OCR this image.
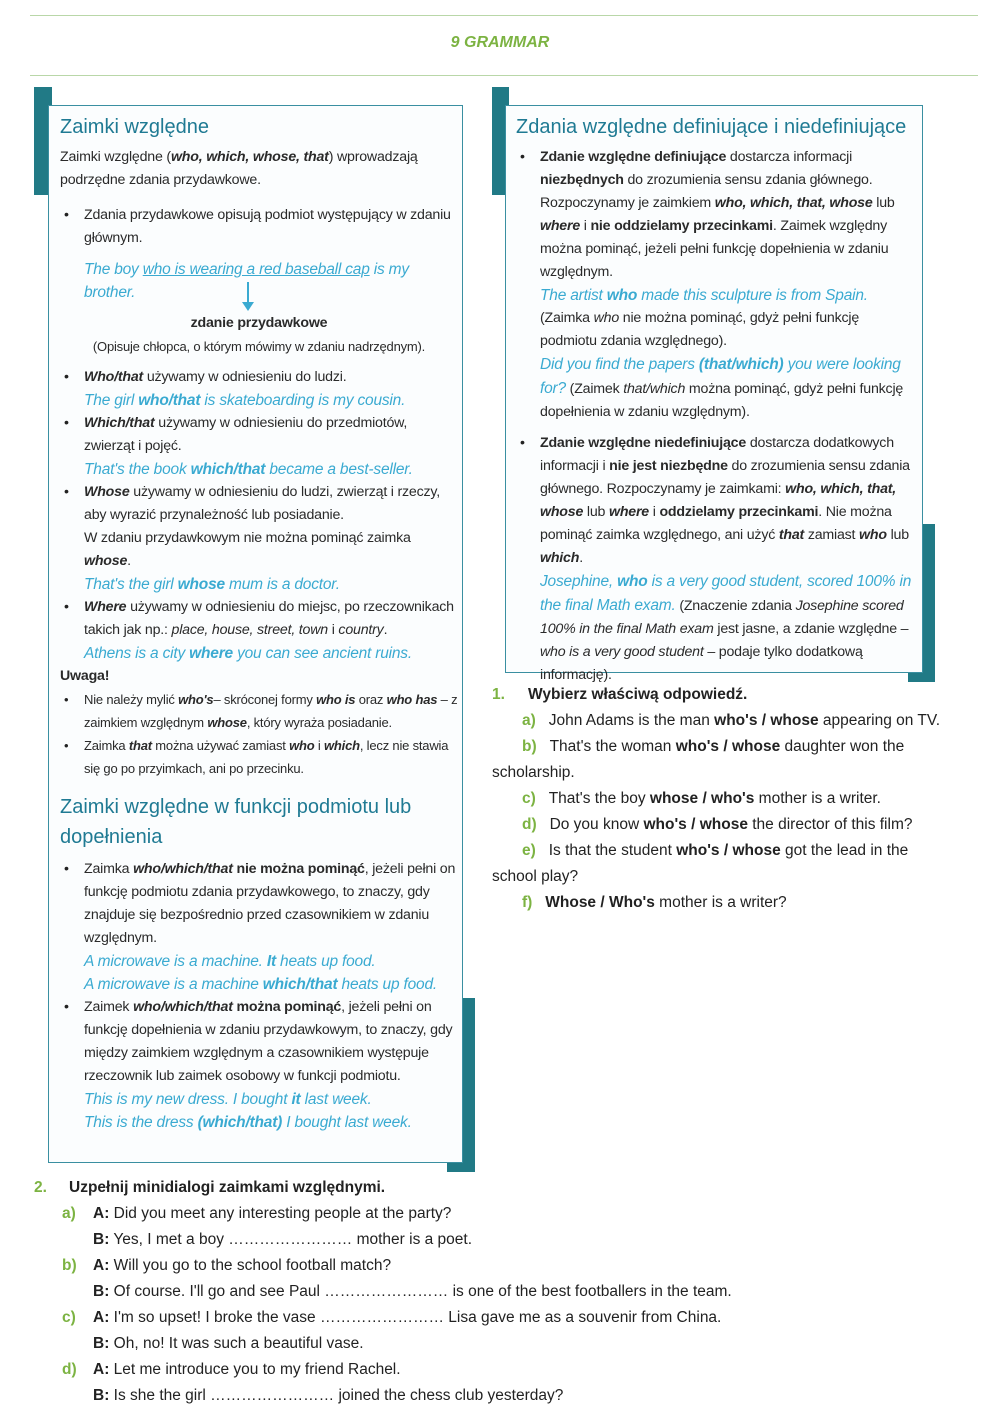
9 GRAMMAR
Zaimki względne
Zaimki względne (who, which, whose, that) wprowadzają podrzędne zdania przydawkowe.
• Zdania przydawkowe opisują podmiot występujący w zdaniu głównym.
The boy who is wearing a red baseball cap is my brother.
zdanie przydawkowe
(Opisuje chłopca, o którym mówimy w zdaniu nadrzędnym).
• Who/that używamy w odniesieniu do ludzi.
The girl who/that is skateboarding is my cousin.
• Which/that używamy w odniesieniu do przedmiotów, zwierząt i pojęć.
That's the book which/that became a best-seller.
• Whose używamy w odniesieniu do ludzi, zwierząt i rzeczy, aby wyrazić przynależność lub posiadanie.
W zdaniu przydawkowym nie można pominąć zaimka whose.
That's the girl whose mum is a doctor.
• Where używamy w odniesieniu do miejsc, po rzeczownikach takich jak np.: place, house, street, town i country.
Athens is a city where you can see ancient ruins.
Uwaga!
• Nie należy mylić who's– skróconej formy who is oraz who has – z zaimkiem względnym whose, który wyraża posiadanie.
• Zaimka that można używać zamiast who i which, lecz nie stawia się go po przyimkach, ani po przecinku.
Zaimki względne w funkcji podmiotu lub dopełnienia
• Zaimka who/which/that nie można pominąć, jeżeli pełni on funkcję podmiotu zdania przydawkowego, to znaczy, gdy znajduje się bezpośrednio przed czasownikiem w zdaniu względnym.
A microwave is a machine. It heats up food.
A microwave is a machine which/that heats up food.
• Zaimek who/which/that można pominąć, jeżeli pełni on funkcję dopełnienia w zdaniu przydawkowym, to znaczy, gdy między zaimkiem względnym a czasownikiem występuje rzeczownik lub zaimek osobowy w funkcji podmiotu.
This is my new dress. I bought it last week.
This is the dress (which/that) I bought last week.
Zdania względne definiujące i niedefiniujące
• Zdanie względne definiujące dostarcza informacji niezbędnych do zrozumienia sensu zdania głównego. Rozpoczynamy je zaimkiem who, which, that, whose lub where i nie oddzielamy przecinkami. Zaimek względny można pominąć, jeżeli pełni funkcję dopełnienia w zdaniu względnym.
The artist who made this sculpture is from Spain.
(Zaimka who nie można pominąć, gdyż pełni funkcję podmiotu zdania względnego).
Did you find the papers (that/which) you were looking for? (Zaimek that/which można pominąć, gdyż pełni funkcję dopełnienia w zdaniu względnym).
• Zdanie względne niedefiniujące dostarcza dodatkowych informacji i nie jest niezbędne do zrozumienia sensu zdania głównego. Rozpoczynamy je zaimkami: who, which, that, whose lub where i oddzielamy przecinkami. Nie można pominąć zaimka względnego, ani użyć that zamiast who lub which.
Josephine, who is a very good student, scored 100% in the final Math exam. (Znaczenie zdania Josephine scored 100% in the final Math exam jest jasne, a zdanie względne – who is a very good student – podaje tylko dodatkową informację).
1. Wybierz właściwą odpowiedź.
a) John Adams is the man who's / whose appearing on TV.
b) That's the woman who's / whose daughter won the
scholarship.
c) That's the boy whose / who's mother is a writer.
d) Do you know who's / whose the director of this film?
e) Is that the student who's / whose got the lead in the
school play?
f) Whose / Who's mother is a writer?
2. Uzpełnij minidialogi zaimkami względnymi.
a) A: Did you meet any interesting people at the party?
B: Yes, I met a boy …………………… mother is a poet.
b) A: Will you go to the school football match?
B: Of course. I'll go and see Paul …………………… is one of the best footballers in the team.
c) A: I'm so upset! I broke the vase …………………… Lisa gave me as a souvenir from China.
B: Oh, no! It was such a beautiful vase.
d) A: Let me introduce you to my friend Rachel.
B: Is she the girl …………………… joined the chess club yesterday?
